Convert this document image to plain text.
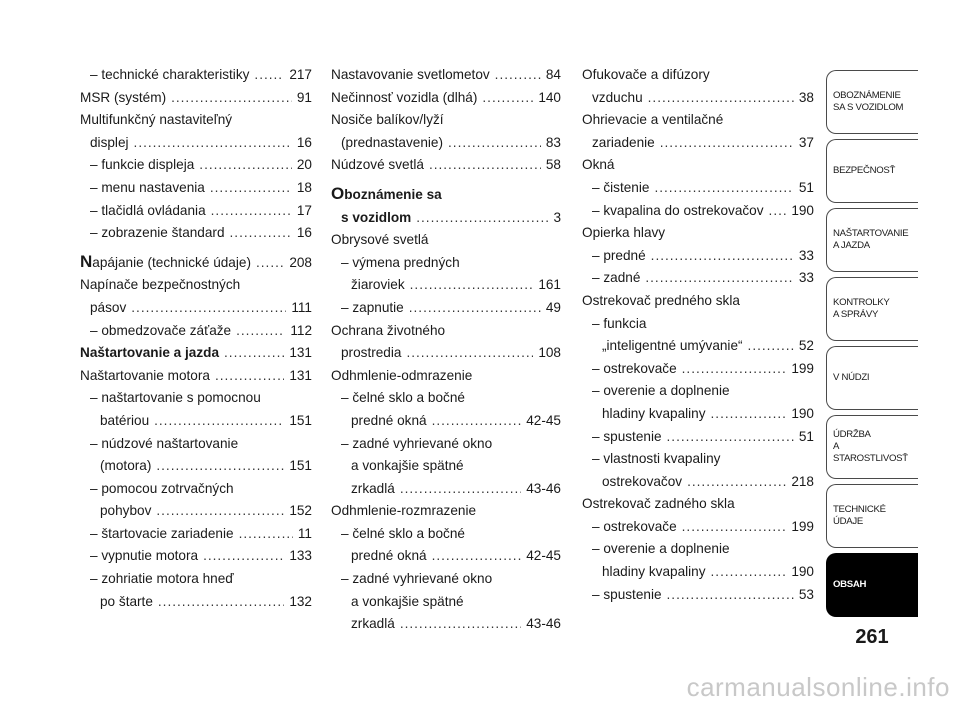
– technické charakteristiky .....	217
MSR (systém) .....	91
Multifunkčný nastaviteľný
displej .....	16
– funkcie displeja .....	20
– menu nastavenia .....	18
– tlačidlá ovládania .....	17
– zobrazenie štandard .....	16
Napájanie (technické údaje) .....	208
Napínače bezpečnostných
pásov .....	111
– obmedzovače záťaže .....	112
Naštartovanie a jazda .....	131
Naštartovanie motora .....	131
– naštartovanie s pomocnou
batériou .....	151
– núdzové naštartovanie
(motora) .....	151
– pomocou zotrvačných
pohybov .....	152
– štartovacie zariadenie .....	11
– vypnutie motora .....	133
– zohriatie motora hneď
po štarte .....	132
Nastavovanie svetlometov .....	84
Nečinnosť vozidla (dlhá) .....	140
Nosiče balíkov/lyží
(prednastavenie) .....	83
Núdzové svetlá .....	58
Oboznámenie sa
s vozidlom .....	3
Obrysové svetlá
– výmena predných
žiaroviek .....	161
– zapnutie .....	49
Ochrana životného
prostredia .....	108
Odhmlenie-odmrazenie
– čelné sklo a bočné
predné okná .....	42-45
– zadné vyhrievané okno
a vonkajšie spätné
zrkadlá .....	43-46
Odhmlenie-rozmrazenie
– čelné sklo a bočné
predné okná .....	42-45
– zadné vyhrievané okno
a vonkajšie spätné
zrkadlá .....	43-46
Ofukovače a difúzory
vzduchu .....	38
Ohrievacie a ventilačné
zariadenie .....	37
Okná
– čistenie .....	51
– kvapalina do ostrekovačov ..... 190
Opierka hlavy
– predné .....	33
– zadné .....	33
Ostrekovač predného skla
– funkcia
„inteligentné umývanie“ .....	52
– ostrekovače .....	199
– overenie a doplnenie
hladiny kvapaliny .....	190
– spustenie .....	51
– vlastnosti kvapaliny
ostrekovačov .....	218
Ostrekovač zadného skla
– ostrekovače .....	199
– overenie a doplnenie
hladiny kvapaliny .....	190
– spustenie .....	53
OBOZNÁMENIE
SA S VOZIDLOM
BEZPEČNOSŤ
NAŠTARTOVANIE
A JAZDA
KONTROLKY
A SPRÁVY
V NÚDZI
ÚDRŽBA
A STAROSTLIVOSŤ
TECHNICKÉ
ÚDAJE
OBSAH
261
carmanualsonline.info
